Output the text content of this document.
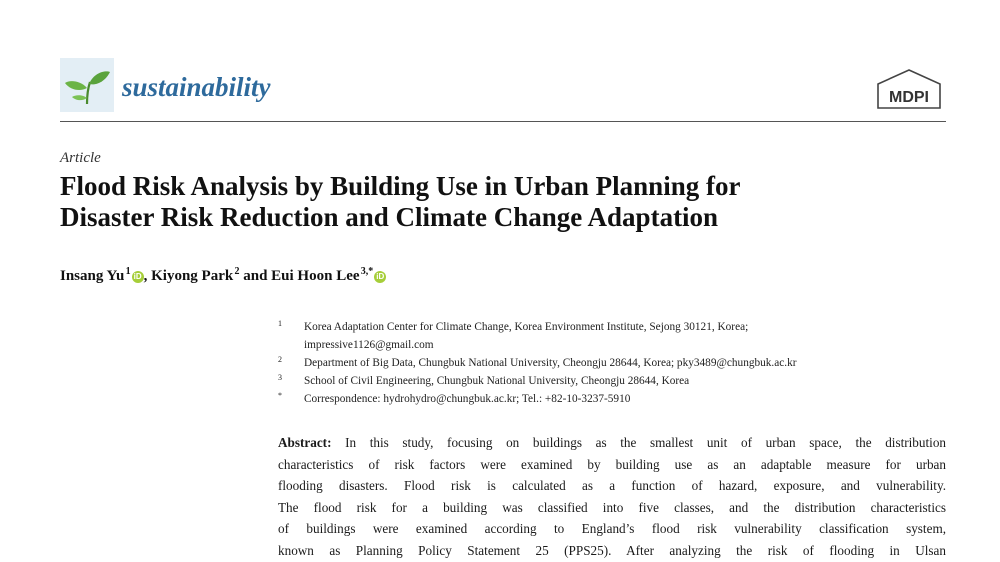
sustainability	MDPI
Article
Flood Risk Analysis by Building Use in Urban Planning for
Disaster Risk Reduction and Climate Change Adaptation
Insang Yu $^1$ iD , Kiyong Park $^2$ and Eui Hoon Lee $^{3,*}$ iD
1 Korea Adaptation Center for Climate Change, Korea Environment Institute, Sejong 30121, Korea;
impressive1126@gmail.com
2 Department of Big Data, Chungbuk National University, Cheongju 28644, Korea; pky3489@chungbuk.ac.kr
3 School of Civil Engineering, Chungbuk National University, Cheongju 28644, Korea
* Correspondence: hydrohydro@chungbuk.ac.kr; Tel.: +82-10-3237-5910
Abstract: In this study, focusing on buildings as the smallest unit of urban space, the distribution
characteristics of risk factors were examined by building use as an adaptable measure for urban
flooding disasters. Flood risk is calculated as a function of hazard, exposure, and vulnerability.
The flood risk for a building was classified into five classes, and the distribution characteristics
of buildings were examined according to England’s flood risk vulnerability classification system,
known as Planning Policy Statement 25 (PPS25). After analyzing the risk of flooding in Ulsan
